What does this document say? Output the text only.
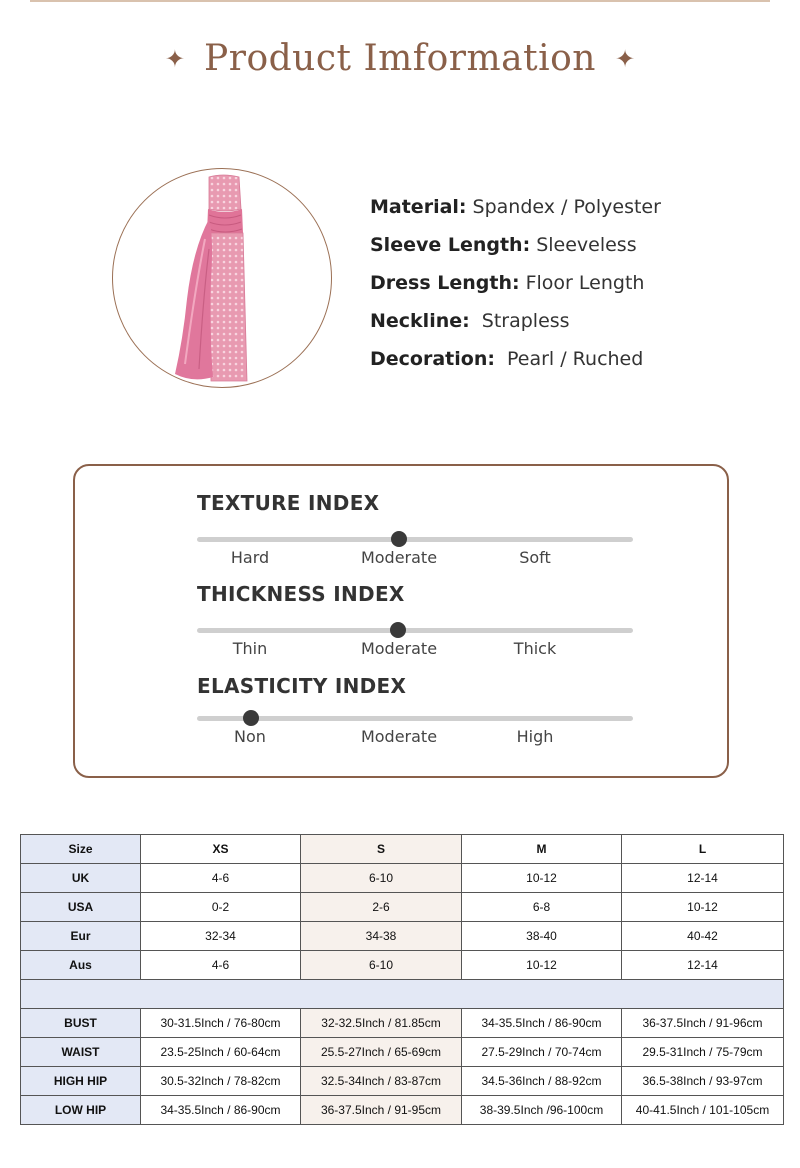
✦ Product Imformation ✦
Material: Spandex / Polyester
Sleeve Length: Sleeveless
Dress Length: Floor Length
Neckline: Strapless
Decoration: Pearl / Ruched
TEXTURE INDEX
Hard	Moderate	Soft
THICKNESS INDEX
Thin	Moderate	Thick
ELASTICITY INDEX
Non	Moderate	High
Size	XS	S	M	L
UK	4-6	6-10	10-12	12-14
USA	0-2	2-6	6-8	10-12
Eur	32-34	34-38	38-40	40-42
Aus	4-6	6-10	10-12	12-14

BUST	30-31.5Inch / 76-80cm	32-32.5Inch / 81.85cm	34-35.5Inch / 86-90cm	36-37.5Inch / 91-96cm
WAIST	23.5-25Inch / 60-64cm	25.5-27Inch / 65-69cm	27.5-29Inch / 70-74cm	29.5-31Inch / 75-79cm
HIGH HIP	30.5-32Inch / 78-82cm	32.5-34Inch / 83-87cm	34.5-36Inch / 88-92cm	36.5-38Inch / 93-97cm
LOW HIP	34-35.5Inch / 86-90cm	36-37.5Inch / 91-95cm	38-39.5Inch /96-100cm	40-41.5Inch / 101-105cm
